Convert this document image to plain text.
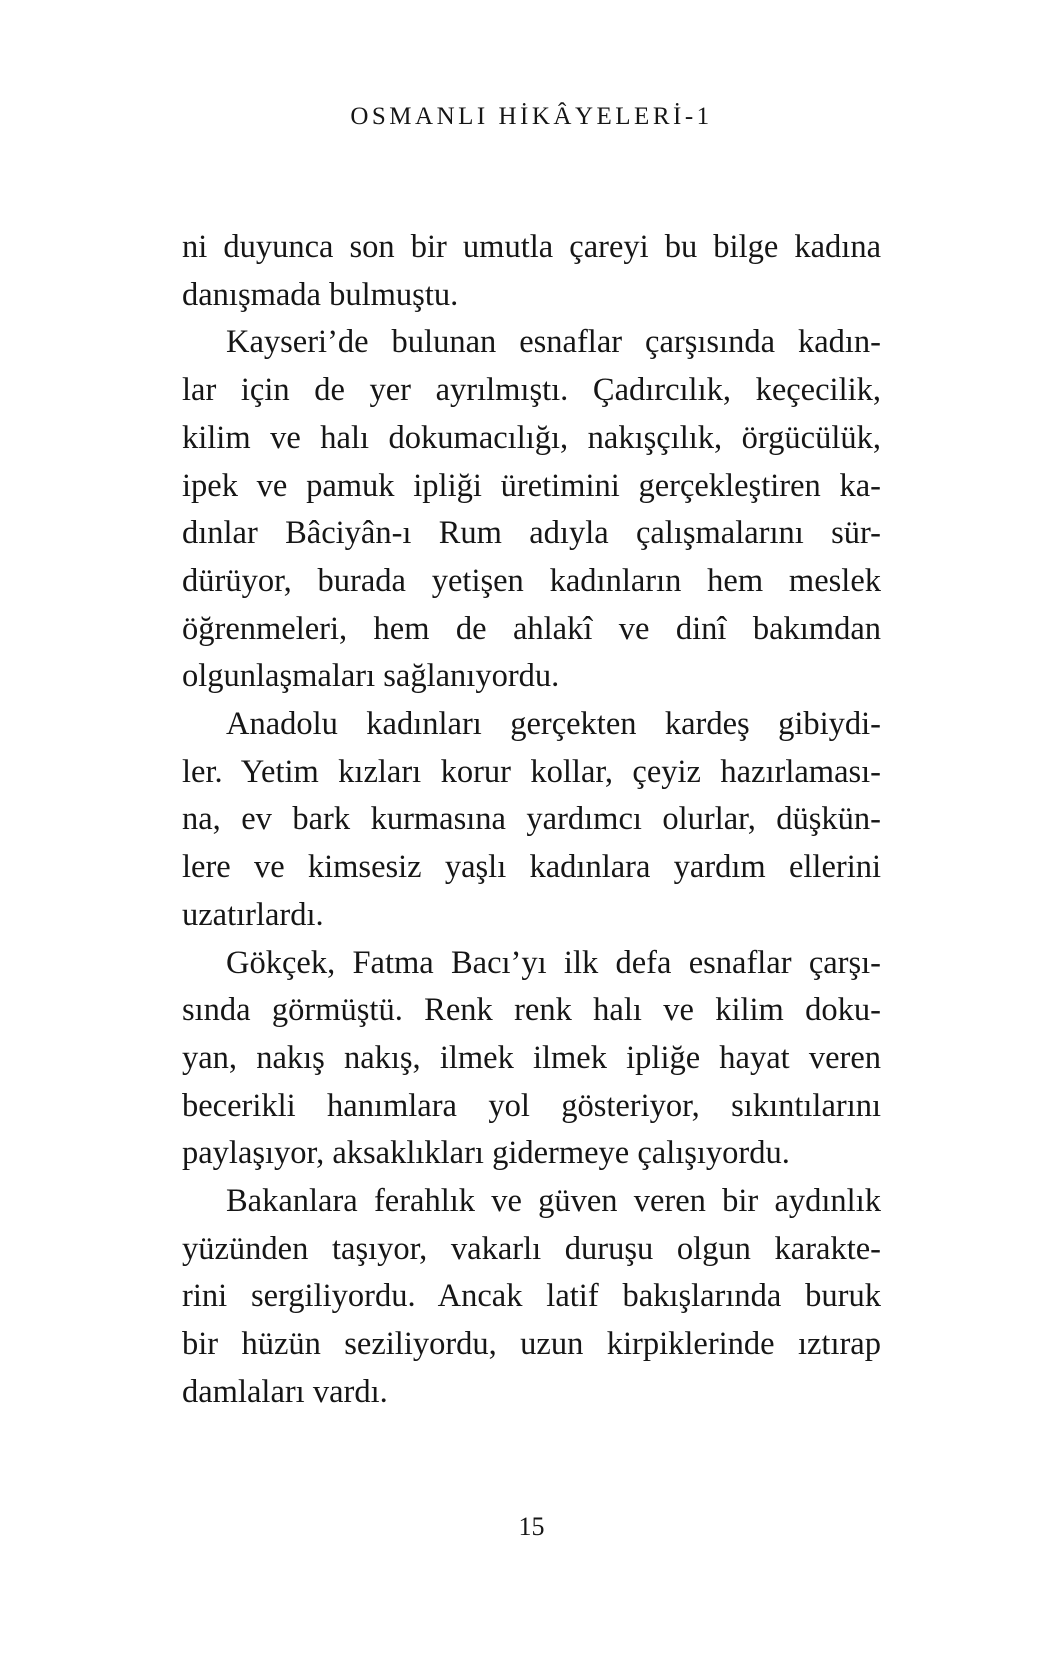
OSMANLI HİKÂYELERİ-1
ni duyunca son bir umutla çareyi bu bilge kadına
danışmada bulmuştu.
Kayseri’de bulunan esnaflar çarşısında kadın-
lar için de yer ayrılmıştı. Çadırcılık, keçecilik,
kilim ve halı dokumacılığı, nakışçılık, örgücülük,
ipek ve pamuk ipliği üretimini gerçekleştiren ka-
dınlar Bâciyân-ı Rum adıyla çalışmalarını sür-
dürüyor, burada yetişen kadınların hem meslek
öğrenmeleri, hem de ahlakî ve dinî bakımdan
olgunlaşmaları sağlanıyordu.
Anadolu kadınları gerçekten kardeş gibiydi-
ler. Yetim kızları korur kollar, çeyiz hazırlaması-
na, ev bark kurmasına yardımcı olurlar, düşkün-
lere ve kimsesiz yaşlı kadınlara yardım ellerini
uzatırlardı.
Gökçek, Fatma Bacı’yı ilk defa esnaflar çarşı-
sında görmüştü. Renk renk halı ve kilim doku-
yan, nakış nakış, ilmek ilmek ipliğe hayat veren
becerikli hanımlara yol gösteriyor, sıkıntılarını
paylaşıyor, aksaklıkları gidermeye çalışıyordu.
Bakanlara ferahlık ve güven veren bir aydınlık
yüzünden taşıyor, vakarlı duruşu olgun karakte-
rini sergiliyordu. Ancak latif bakışlarında buruk
bir hüzün seziliyordu, uzun kirpiklerinde ıztırap
damlaları vardı.
15
